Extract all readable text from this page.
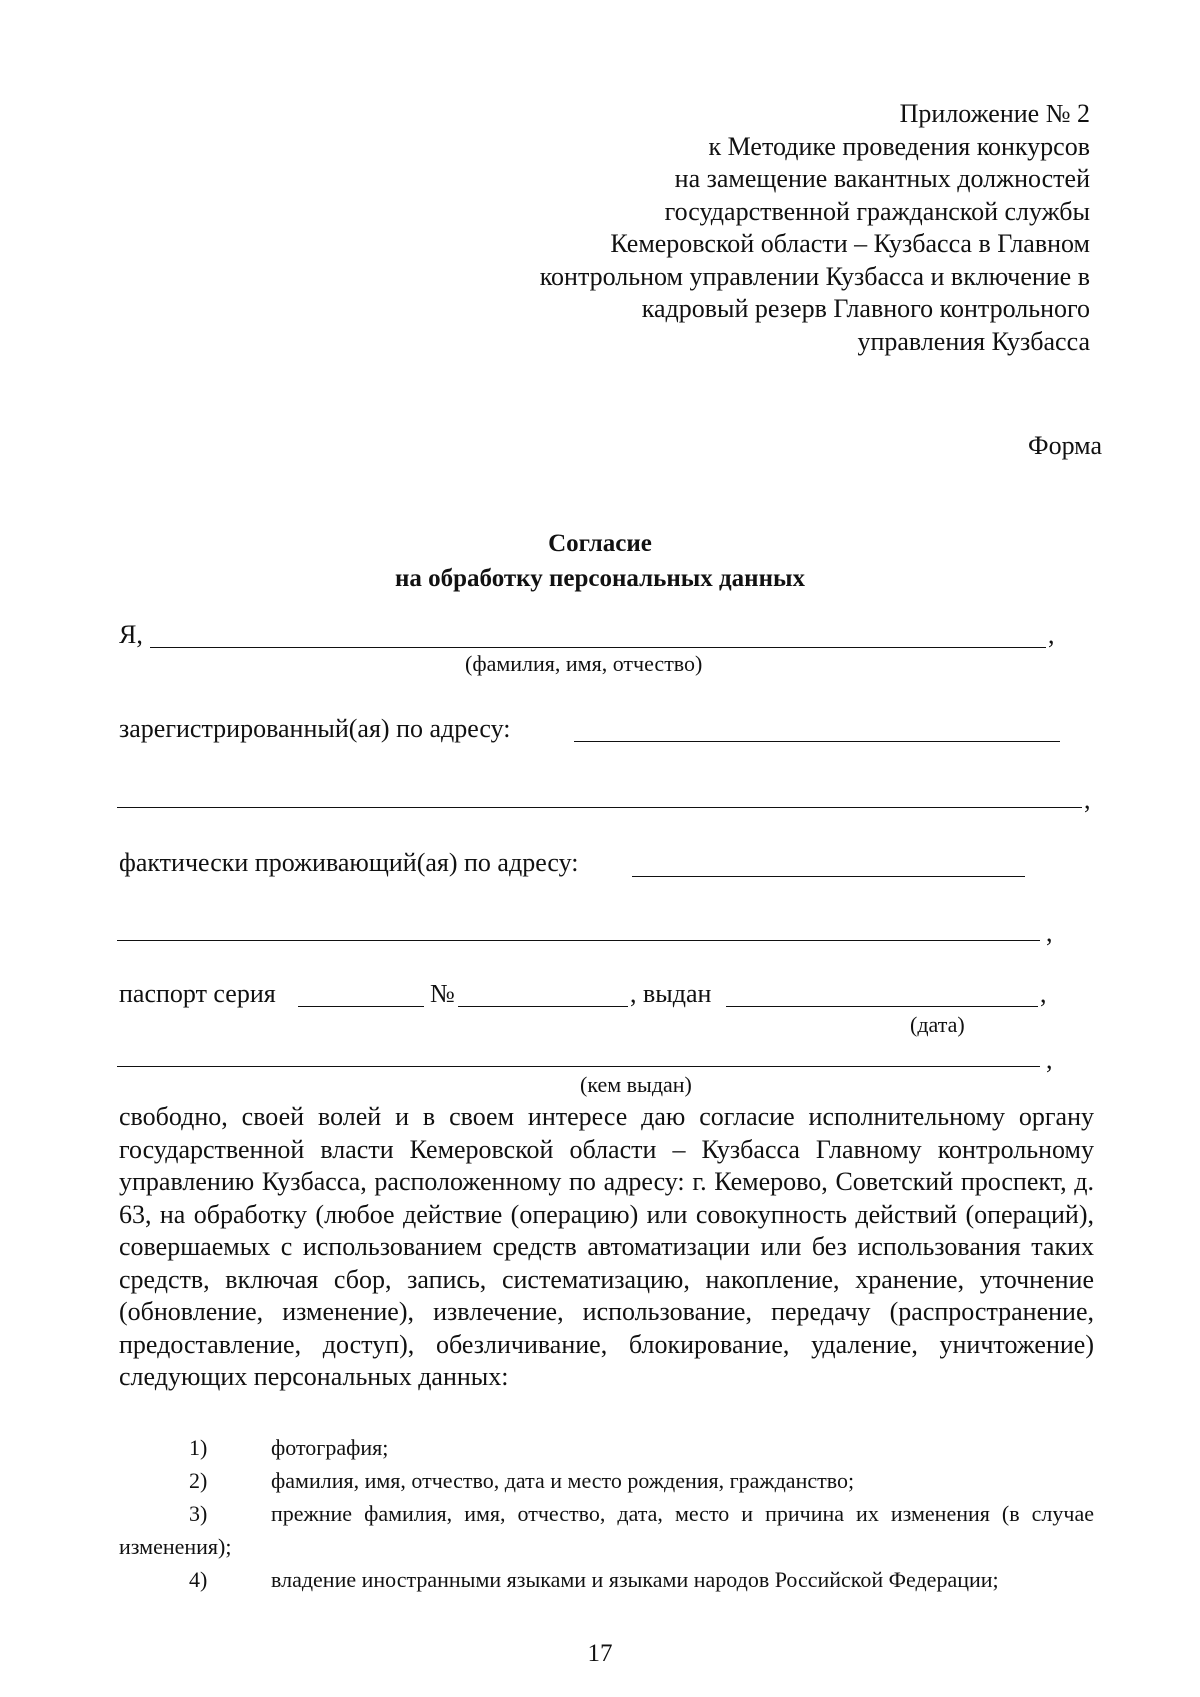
Приложение № 2
к Методике проведения конкурсов
на замещение вакантных должностей
государственной гражданской службы
Кемеровской области – Кузбасса в Главном
контрольном управлении Кузбасса и включение в
кадровый резерв Главного контрольного
управления Кузбасса
Форма
Согласие
на обработку персональных данных
Я,	,
(фамилия, имя, отчество)
зарегистрированный(ая) по адресу:
,
фактически проживающий(ая) по адресу:
,
паспорт серия	№	, выдан	,
(дата)
,
(кем выдан)
свободно, своей волей и в своем интересе даю согласие исполнительному органу государственной власти Кемеровской области – Кузбасса Главному контрольному управлению Кузбасса, расположенному по адресу: г. Кемерово, Советский проспект, д. 63, на обработку (любое действие (операцию) или совокупность действий (операций), совершаемых с использованием средств автоматизации или без использования таких средств, включая сбор, запись, систематизацию, накопление, хранение, уточнение (обновление, изменение), извлечение, использование, передачу (распространение, предоставление, доступ), обезличивание, блокирование, удаление, уничтожение) следующих персональных данных:
1)	фотография;
2)	фамилия, имя, отчество, дата и место рождения, гражданство;
3)	прежние фамилия, имя, отчество, дата, место и причина их изменения (в случае изменения);
4)	владение иностранными языками и языками народов Российской Федерации;
17
